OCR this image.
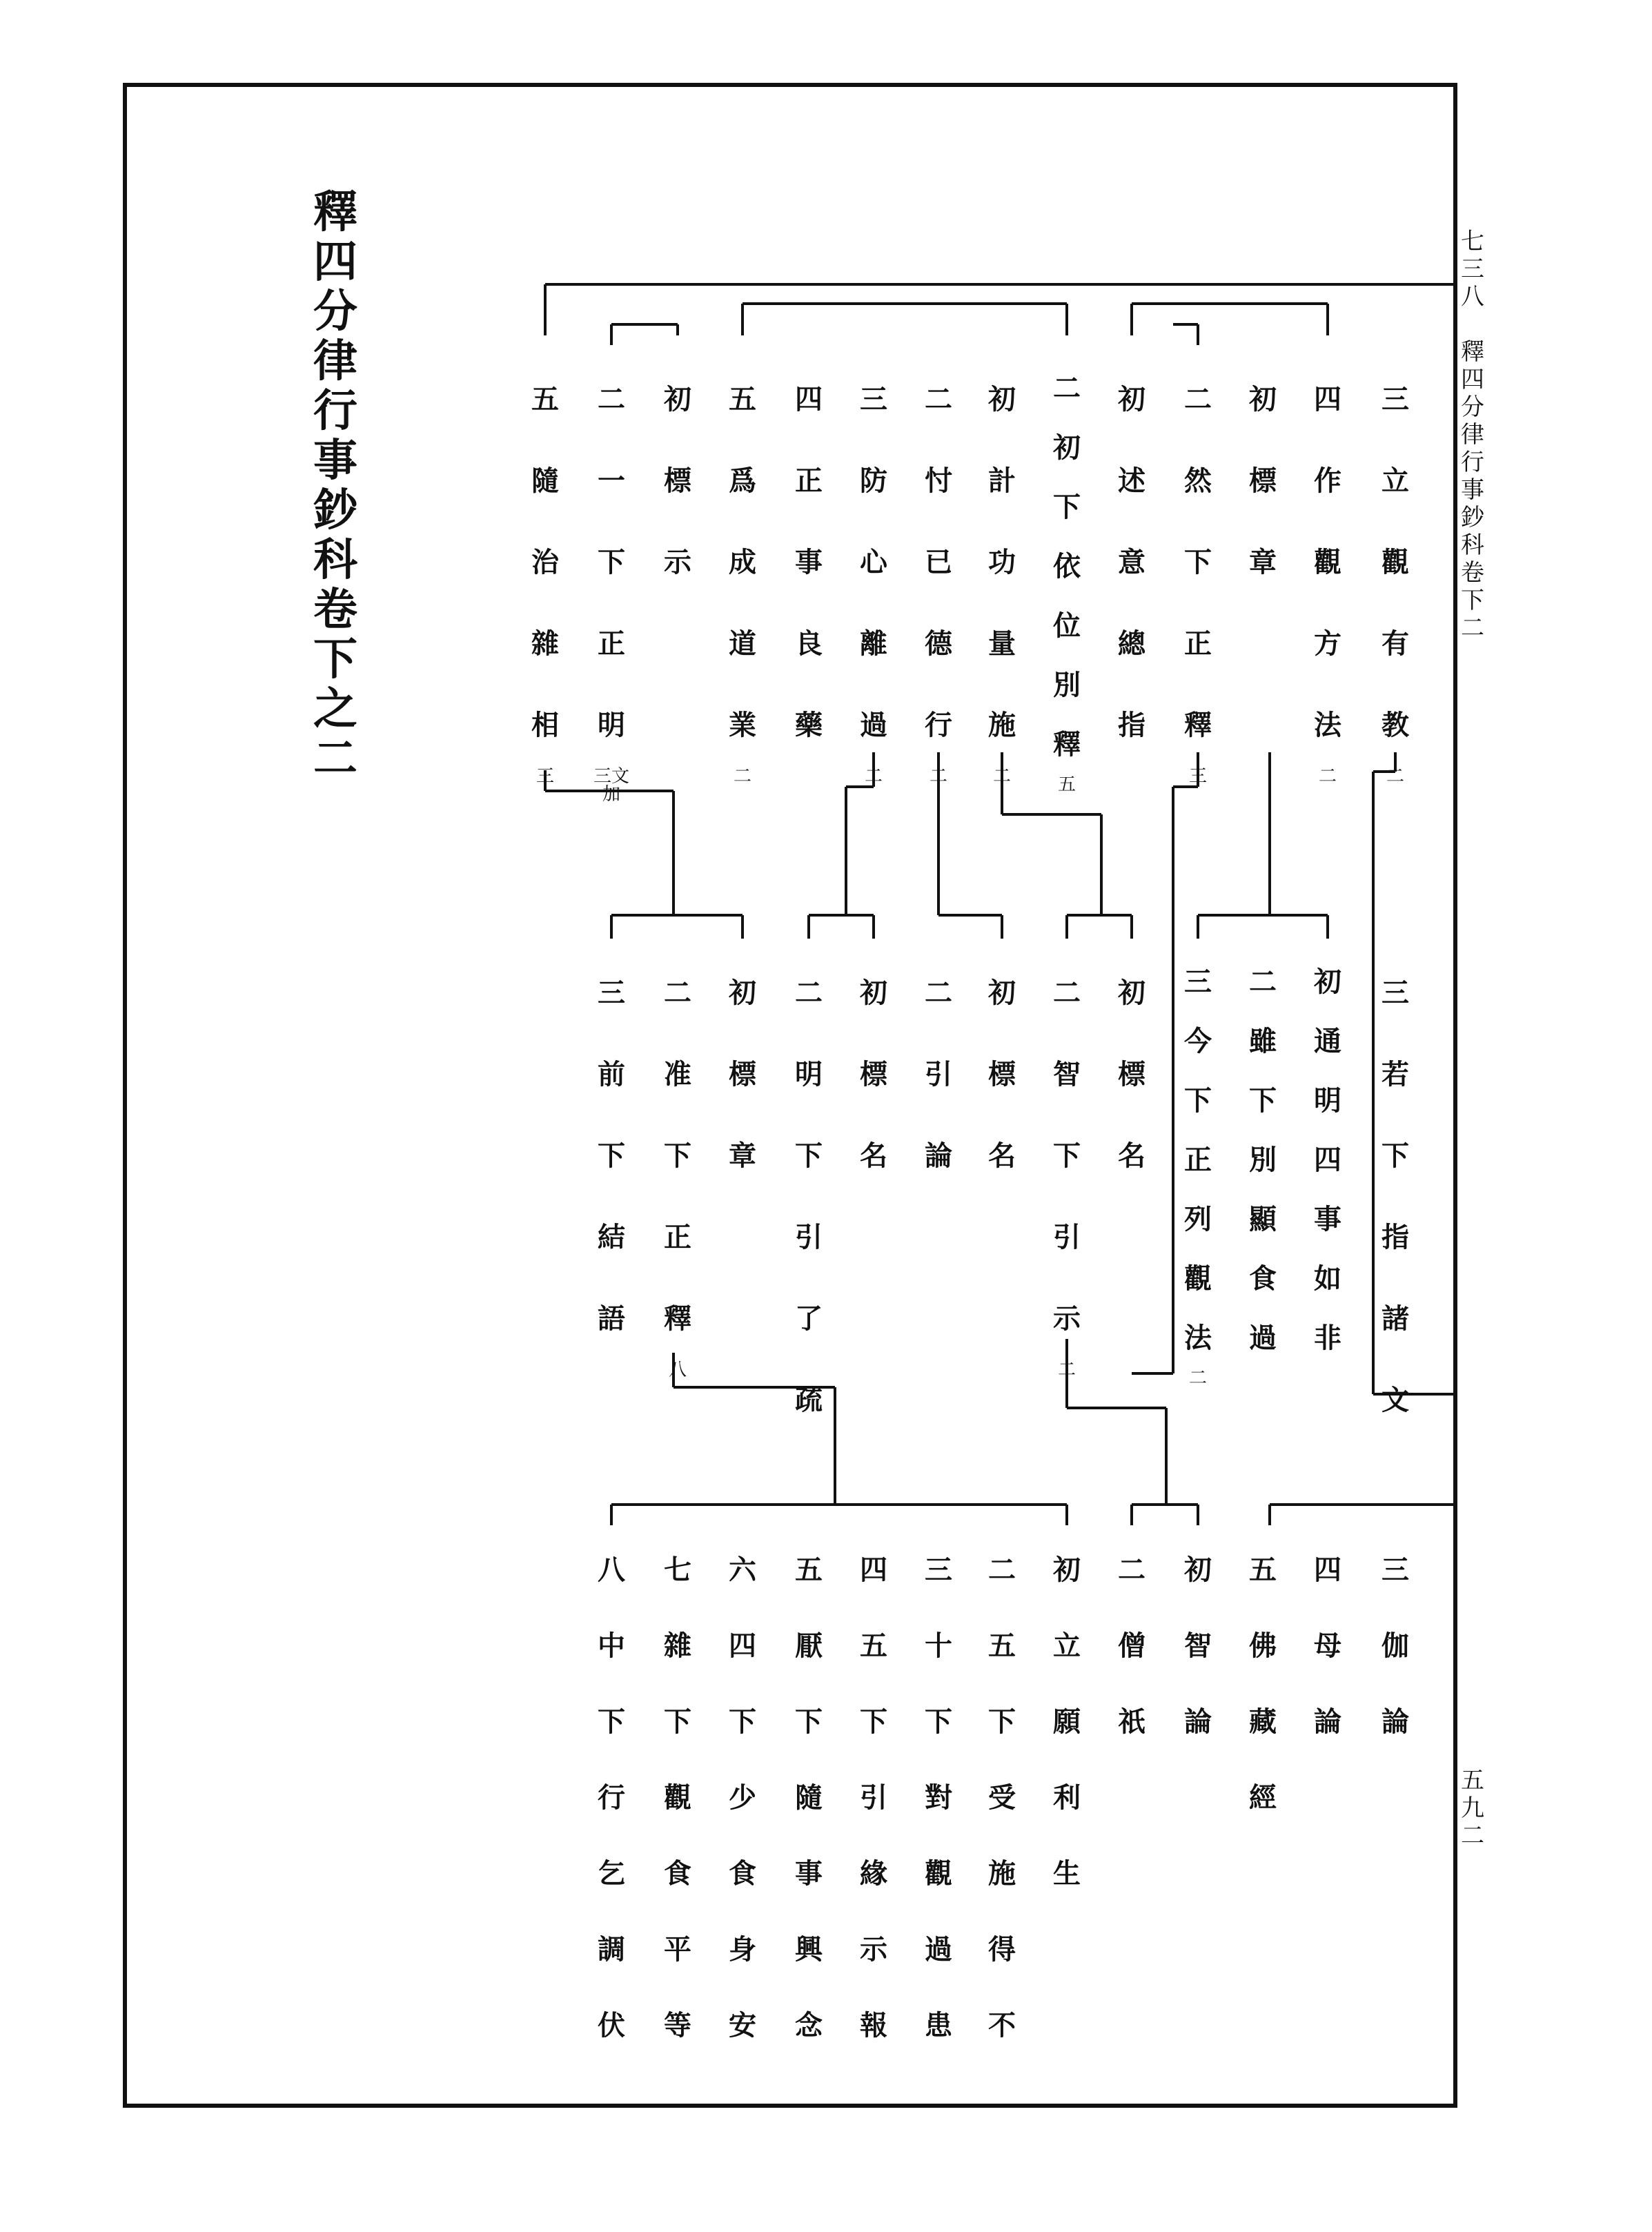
釋
四
分
律
行
事
鈔
科
卷
下
之
二
七
三
八

釋
四
分
律
行
事
鈔
科
卷
下
二
五
九
二
三
立
觀
有
教
二
四
作
觀
方
法
二
初
標
章
二
然
下
正
釋
三
初
述
意
總
指
二
初
下
依
位
別
釋
五
初
計
功
量
施
二
二
忖
已
德
行
二
三
防
心
離
過
二
四
正
事
良
藥
五
爲
成
道
業
二
初
標
示
二
一
下
正
明
三文加
五
隨
治
雜
相
三
三
若
下
指
諸
文
初
通
明
四
事
如
非
二
雖
下
別
顯
食
過
三
今
下
正
列
觀
法
二
初
標
名
二
智
下
引
示
二
初
標
名
二
引
論
初
標
名
二
明
下
引
了
疏
初
標
章
二
准
下
正
釋
八
三
前
下
結
語
三
伽
論
四
母
論
五
佛
藏
經
初
智
論
二
僧
祇
初
立
願
利
生
二
五
下
受
施
得
不
三
十
下
對
觀
過
患
四
五
下
引
緣
示
報
五
厭
下
隨
事
興
念
六
四
下
少
食
身
安
七
雜
下
觀
食
平
等
八
中
下
行
乞
調
伏
